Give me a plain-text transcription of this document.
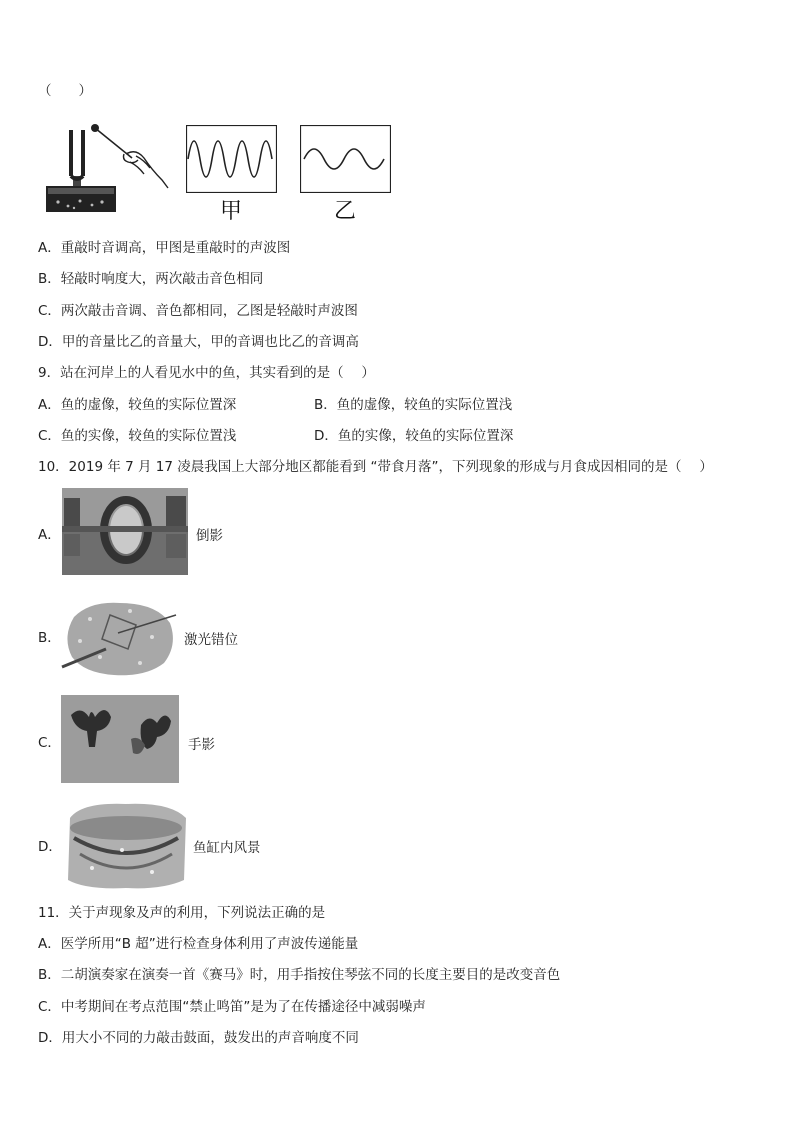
（　　）
甲	乙
A．重敲时音调高，甲图是重敲时的声波图
B．轻敲时响度大，两次敲击音色相同
C．两次敲击音调、音色都相同，乙图是轻敲时声波图
D．甲的音量比乙的音量大，甲的音调也比乙的音调高
9．站在河岸上的人看见水中的鱼，其实看到的是（　 ）
A．鱼的虚像，较鱼的实际位置深	B．鱼的虚像，较鱼的实际位置浅
C．鱼的实像，较鱼的实际位置浅	D．鱼的实像，较鱼的实际位置深
10．2019 年 7 月 17 凌晨我国上大部分地区都能看到 “带食月落”，下列现象的形成与月食成因相同的是（　 ）
A．	倒影
B．	激光错位
C．	手影
D．	鱼缸内风景
11．关于声现象及声的利用，下列说法正确的是
A．医学所用“B 超”进行检查身体利用了声波传递能量
B．二胡演奏家在演奏一首《赛马》时，用手指按住琴弦不同的长度主要目的是改变音色
C．中考期间在考点范围“禁止鸣笛”是为了在传播途径中减弱噪声
D．用大小不同的力敲击鼓面，鼓发出的声音响度不同
